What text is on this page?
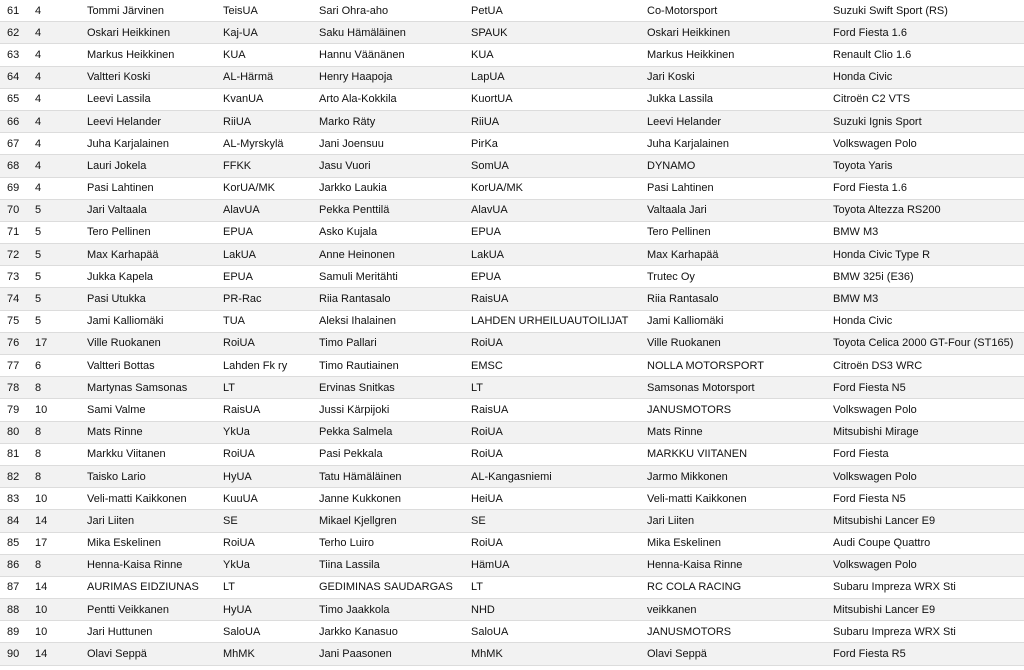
61	4	Tommi Järvinen	TeisUA	Sari Ohra-aho	PetUA	Co-Motorsport	Suzuki Swift Sport (RS)
62	4	Oskari Heikkinen	Kaj-UA	Saku Hämäläinen	SPAUK	Oskari Heikkinen	Ford Fiesta 1.6
63	4	Markus Heikkinen	KUA	Hannu Väänänen	KUA	Markus Heikkinen	Renault Clio 1.6
64	4	Valtteri Koski	AL-Härmä	Henry Haapoja	LapUA	Jari Koski	Honda Civic
65	4	Leevi Lassila	KvanUA	Arto Ala-Kokkila	KuortUA	Jukka Lassila	Citroën C2 VTS
66	4	Leevi Helander	RiiUA	Marko Räty	RiiUA	Leevi Helander	Suzuki Ignis Sport
67	4	Juha Karjalainen	AL-Myrskylä	Jani Joensuu	PirKa	Juha Karjalainen	Volkswagen Polo
68	4	Lauri Jokela	FFKK	Jasu Vuori	SomUA	DYNAMO	Toyota Yaris
69	4	Pasi Lahtinen	KorUA/MK	Jarkko Laukia	KorUA/MK	Pasi Lahtinen	Ford Fiesta 1.6
70	5	Jari Valtaala	AlavUA	Pekka Penttilä	AlavUA	Valtaala Jari	Toyota Altezza RS200
71	5	Tero Pellinen	EPUA	Asko Kujala	EPUA	Tero Pellinen	BMW M3
72	5	Max Karhapää	LakUA	Anne Heinonen	LakUA	Max Karhapää	Honda Civic Type R
73	5	Jukka Kapela	EPUA	Samuli Meritähti	EPUA	Trutec Oy	BMW 325i (E36)
74	5	Pasi Utukka	PR-Rac	Riia Rantasalo	RaisUA	Riia Rantasalo	BMW M3
75	5	Jami Kalliomäki	TUA	Aleksi Ihalainen	LAHDEN URHEILUAUTOILIJAT	Jami Kalliomäki	Honda Civic
76	17	Ville Ruokanen	RoiUA	Timo Pallari	RoiUA	Ville Ruokanen	Toyota Celica 2000 GT-Four (ST165)
77	6	Valtteri Bottas	Lahden Fk ry	Timo Rautiainen	EMSC	NOLLA MOTORSPORT	Citroën DS3 WRC
78	8	Martynas Samsonas	LT	Ervinas Snitkas	LT	Samsonas Motorsport	Ford Fiesta N5
79	10	Sami Valme	RaisUA	Jussi Kärpijoki	RaisUA	JANUSMOTORS	Volkswagen Polo
80	8	Mats Rinne	YkUa	Pekka Salmela	RoiUA	Mats Rinne	Mitsubishi Mirage
81	8	Markku Viitanen	RoiUA	Pasi Pekkala	RoiUA	MARKKU VIITANEN	Ford Fiesta
82	8	Taisko Lario	HyUA	Tatu Hämäläinen	AL-Kangasniemi	Jarmo Mikkonen	Volkswagen Polo
83	10	Veli-matti Kaikkonen	KuuUA	Janne Kukkonen	HeiUA	Veli-matti Kaikkonen	Ford Fiesta N5
84	14	Jari Liiten	SE	Mikael Kjellgren	SE	Jari Liiten	Mitsubishi Lancer E9
85	17	Mika Eskelinen	RoiUA	Terho Luiro	RoiUA	Mika Eskelinen	Audi Coupe Quattro
86	8	Henna-Kaisa Rinne	YkUa	Tiina Lassila	HämUA	Henna-Kaisa Rinne	Volkswagen Polo
87	14	AURIMAS EIDZIUNAS	LT	GEDIMINAS SAUDARGAS	LT	RC COLA RACING	Subaru Impreza WRX Sti
88	10	Pentti Veikkanen	HyUA	Timo Jaakkola	NHD	veikkanen	Mitsubishi Lancer E9
89	10	Jari Huttunen	SaloUA	Jarkko Kanasuo	SaloUA	JANUSMOTORS	Subaru Impreza WRX Sti
90	14	Olavi Seppä	MhMK	Jani Paasonen	MhMK	Olavi Seppä	Ford Fiesta R5
